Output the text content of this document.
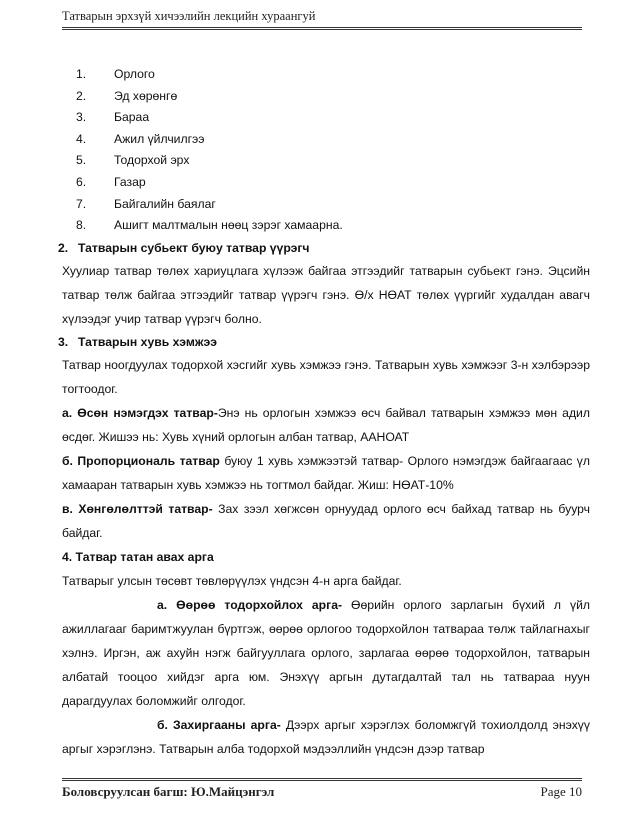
Татварын эрхзүй хичээлийн лекцийн хураангуй
1.	Орлого
2.	Эд хөрөнгө
3.	Бараа
4.	Ажил үйлчилгээ
5.	Тодорхой эрх
6.	Газар
7.	Байгалийн баялаг
8.	Ашигт малтмалын нөөц зэрэг хамаарна.
2. Татварын субьект буюу татвар үүрэгч

Хуулиар татвар төлөх хариуцлага хүлээж байгаа этгээдийг татварын субьект гэнэ. Эцсийн татвар төлж байгаа этгээдийг татвар үүрэгч гэнэ. Ө/х НӨАТ төлөх үүргийг худалдан авагч хүлээдэг учир татвар үүрэгч болно.

3. Татварын хувь хэмжээ

Татвар ноогдуулах тодорхой хэсгийг хувь хэмжээ гэнэ. Татварын хувь хэмжээг 3-н хэлбэрээр тогтоодог.

а. Өсөн нэмэгдэх татвар-Энэ нь орлогын хэмжээ өсч байвал татварын хэмжээ мөн адил өсдөг. Жишээ нь: Хувь хүний орлогын албан татвар, ААНОАТ

б. Пропорциональ татвар буюу 1 хувь хэмжээтэй татвар- Орлого нэмэгдэж байгаагаас үл хамааран татварын хувь хэмжээ нь тогтмол байдаг. Жиш: НӨАТ-10%

в. Хөнгөлөлттэй татвар- Зах зээл хөгжсөн орнуудад орлого өсч байхад татвар нь буурч байдаг.

4. Татвар татан авах арга

Татварыг улсын төсөвт төвлөрүүлэх үндсэн 4-н арга байдаг.

а. Өөрөө тодорхойлох арга- Өөрийн орлого зарлагын бүхий л үйл ажиллагааг баримтжуулан бүртгэж, өөрөө орлогоо тодорхойлон татвараа төлж тайлагнахыг хэлнэ. Иргэн, аж ахуйн нэгж байгууллага орлого, зарлагаа өөрөө тодорхойлон, татварын албатай тооцоо хийдэг арга юм. Энэхүү аргын дутагдалтай тал нь татвараа нуун дарагдуулах боломжийг олгодог.

б. Захиргааны арга- Дээрх аргыг хэрэглэх боломжгүй тохиолдолд энэхүү аргыг хэрэглэнэ. Татварын алба тодорхой мэдээллийн үндсэн дээр татвар

Боловсруулсан багш: Ю.Майцэнгэл	Page 10
